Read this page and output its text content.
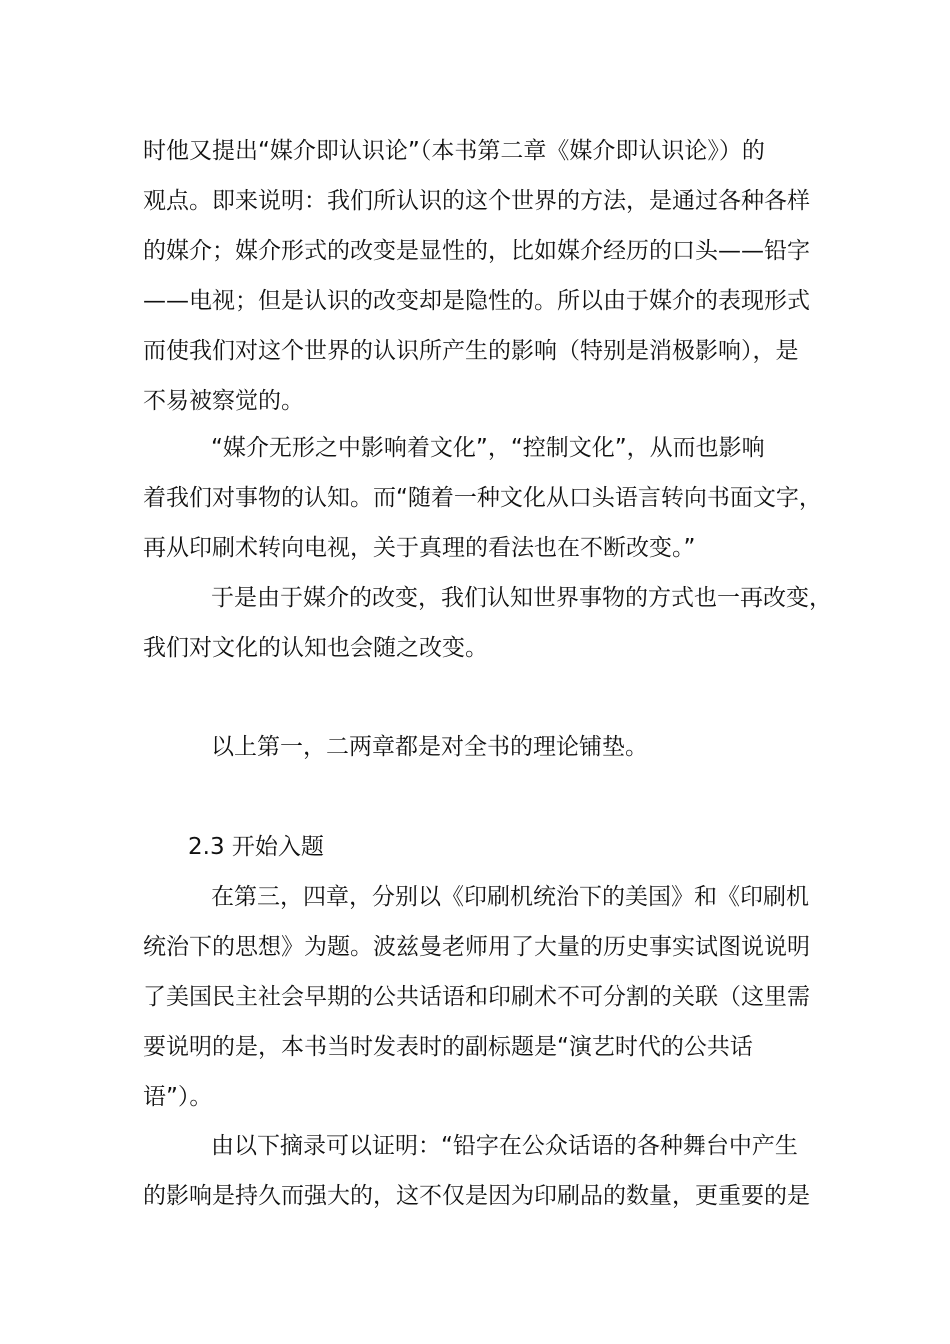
时他又提出“媒介即认识论”（本书第二章《媒介即认识论》）的
观点。即来说明：我们所认识的这个世界的方法，是通过各种各样
的媒介；媒介形式的改变是显性的，比如媒介经历的口头——铅字
——电视；但是认识的改变却是隐性的。所以由于媒介的表现形式
而使我们对这个世界的认识所产生的影响（特别是消极影响），是
不易被察觉的。
“媒介无形之中影响着文化”，“控制文化”，从而也影响
着我们对事物的认知。而“随着一种文化从口头语言转向书面文字，
再从印刷术转向电视，关于真理的看法也在不断改变。”
于是由于媒介的改变，我们认知世界事物的方式也一再改变，
我们对文化的认知也会随之改变。
以上第一，二两章都是对全书的理论铺垫。
2.3 开始入题
在第三，四章，分别以《印刷机统治下的美国》和《印刷机
统治下的思想》为题。波兹曼老师用了大量的历史事实试图说说明
了美国民主社会早期的公共话语和印刷术不可分割的关联（这里需
要说明的是，本书当时发表时的副标题是“演艺时代的公共话
语”）。
由以下摘录可以证明：“铅字在公众话语的各种舞台中产生
的影响是持久而强大的，这不仅是因为印刷品的数量，更重要的是
